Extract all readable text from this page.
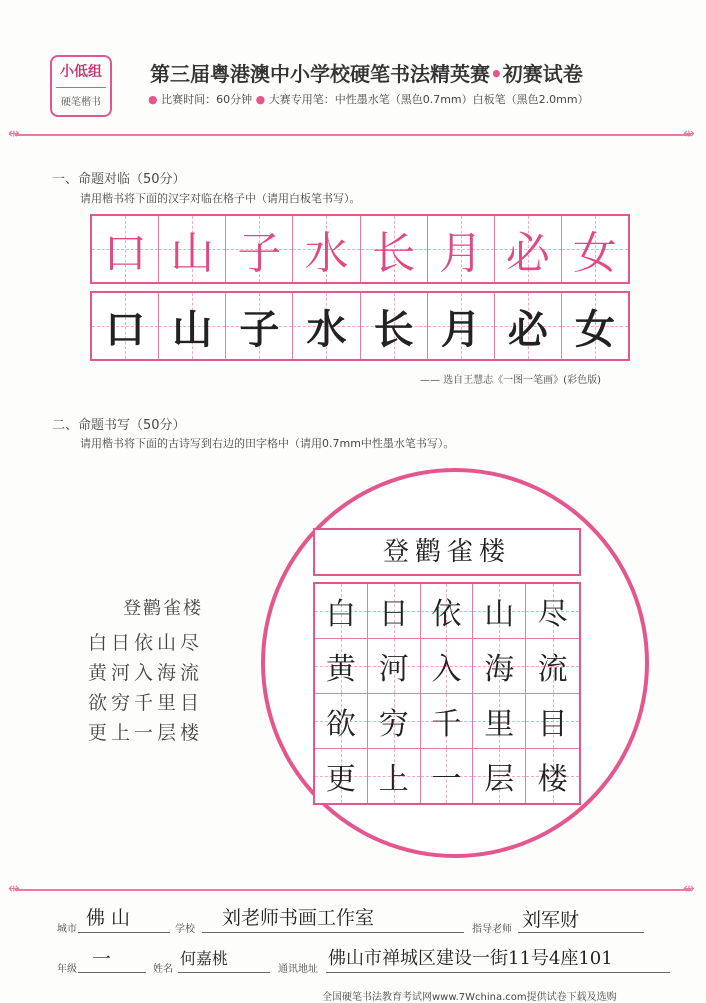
小低组
硬笔楷书
第三届粤港澳中小学校硬笔书法精英赛•初赛试卷
● 比赛时间：60分钟 ● 大赛专用笔：中性墨水笔（黑色0.7mm）白板笔（黑色2.0mm）
⇹	⇹
一、命题对临（50分）
请用楷书将下面的汉字对临在格子中（请用白板笔书写）。
口 山 子 水 长 月 必 女
口 山 子 水 长 月 必 女
—— 选自王慧志《一图一笔画》(彩色版)
二、命题书写（50分）
请用楷书将下面的古诗写到右边的田字格中（请用0.7mm中性墨水笔书写）。
登鹳雀楼
白日依山尽
黄河入海流
欲穷千里目
更上一层楼
登鹳雀楼
白 日 依 山 尽
黄 河 入 海 流
欲 穷 千 里 目
更 上 一 层 楼
⇹	⇹
城市
佛 山
学校
刘老师书画工作室
指导老师 刘军财
年级 一	姓名
何嘉桃
通讯地址
佛山市禅城区建设一街11号4座101
全国硬笔书法教育考试网www.7Wchina.com提供试卷下载及选购
